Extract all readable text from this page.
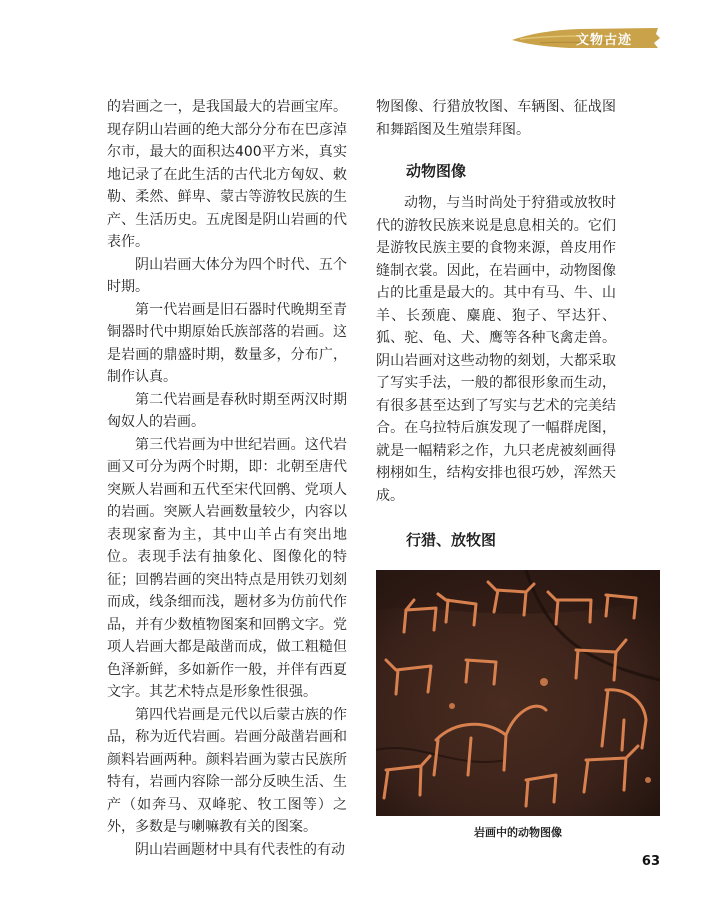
文物古迹

的岩画之一，是我国最大的岩画宝库。现存阴山岩画的绝大部分分布在巴彦淖尔市，最大的面积达400平方米，真实地记录了在此生活的古代北方匈奴、敕勒、柔然、鲜卑、蒙古等游牧民族的生产、生活历史。五虎图是阴山岩画的代表作。

阴山岩画大体分为四个时代、五个时期。

第一代岩画是旧石器时代晚期至青铜器时代中期原始氏族部落的岩画。这是岩画的鼎盛时期，数量多，分布广，制作认真。

第二代岩画是春秋时期至两汉时期匈奴人的岩画。

第三代岩画为中世纪岩画。这代岩画又可分为两个时期，即：北朝至唐代突厥人岩画和五代至宋代回鹘、党项人的岩画。突厥人岩画数量较少，内容以表现家畜为主，其中山羊占有突出地位。表现手法有抽象化、图像化的特征；回鹘岩画的突出特点是用铁刃划刻而成，线条细而浅，题材多为仿前代作品，并有少数植物图案和回鹘文字。党项人岩画大都是敲凿而成，做工粗糙但色泽新鲜，多如新作一般，并伴有西夏文字。其艺术特点是形象性很强。

第四代岩画是元代以后蒙古族的作品，称为近代岩画。岩画分敲凿岩画和颜料岩画两种。颜料岩画为蒙古民族所特有，岩画内容除一部分反映生活、生产（如奔马、双峰驼、牧工图等）之外，多数是与喇嘛教有关的图案。

阴山岩画题材中具有代表性的有动

物图像、行猎放牧图、车辆图、征战图和舞蹈图及生殖崇拜图。

动物图像

动物，与当时尚处于狩猎或放牧时代的游牧民族来说是息息相关的。它们是游牧民族主要的食物来源，兽皮用作缝制衣裳。因此，在岩画中，动物图像占的比重是最大的。其中有马、牛、山羊、长颈鹿、麋鹿、狍子、罕达犴、狐、驼、龟、犬、鹰等各种飞禽走兽。阴山岩画对这些动物的刻划，大都采取了写实手法，一般的都很形象而生动，有很多甚至达到了写实与艺术的完美结合。在乌拉特后旗发现了一幅群虎图，就是一幅精彩之作，九只老虎被刻画得栩栩如生，结构安排也很巧妙，浑然天成。

行猎、放牧图
岩画中的动物图像
63
